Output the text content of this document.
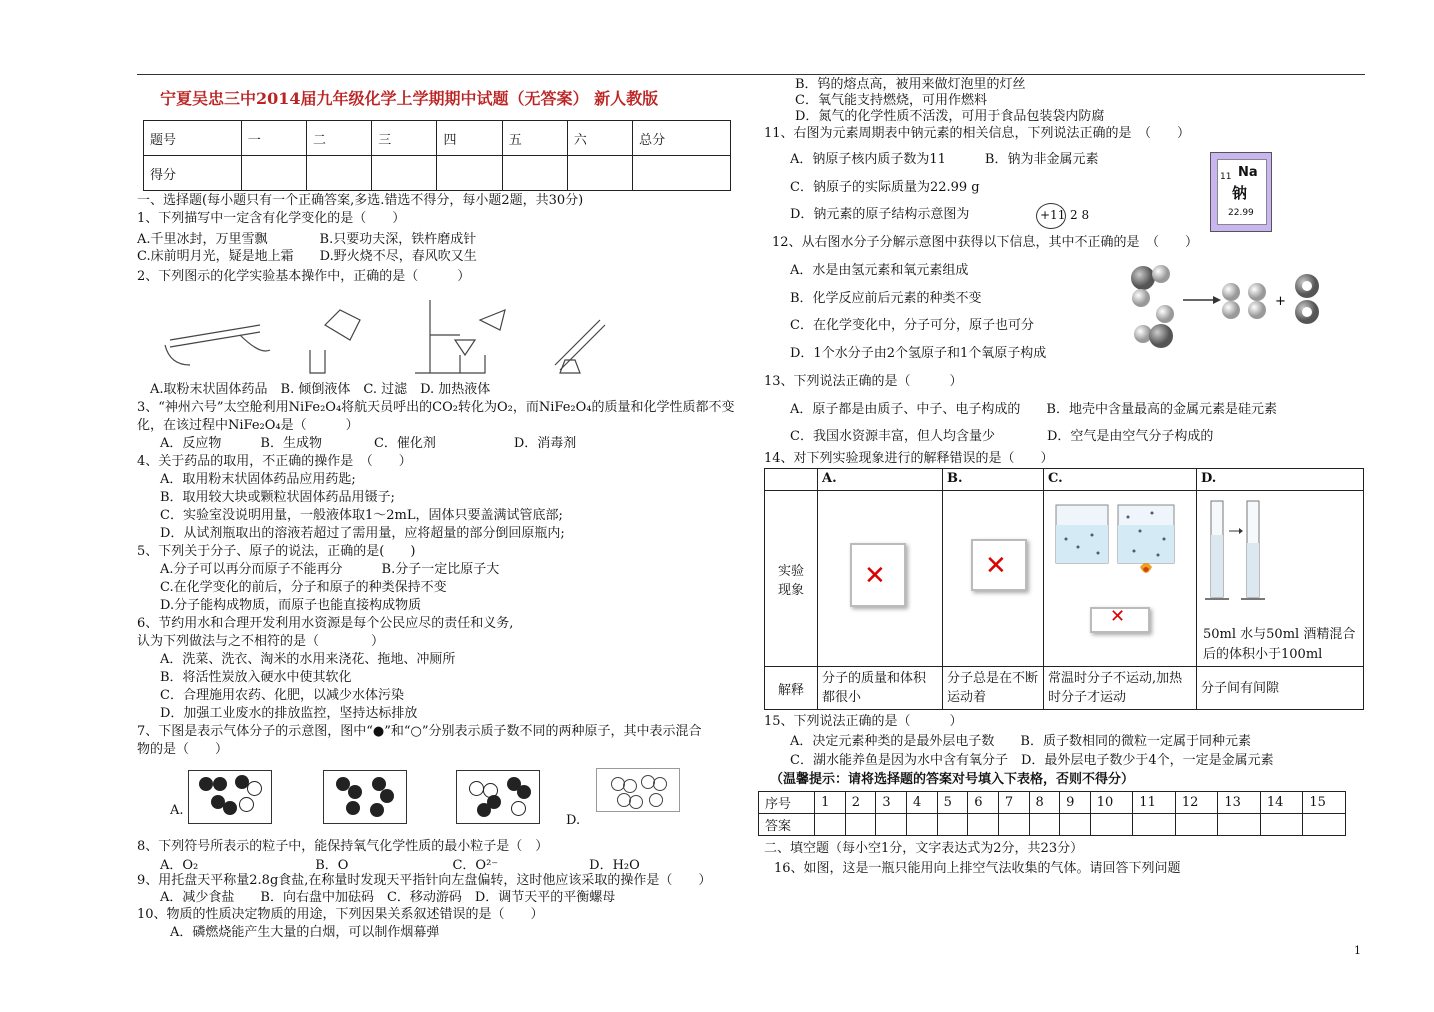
宁夏吴忠三中2014届九年级化学上学期期中试题（无答案） 新人教版
题号	一	二	三	四	五	六	总分
得分							
一、选择题(每小题只有一个正确答案,多选.错选不得分，每小题2题，共30分)
1、下列描写中一定含有化学变化的是（　　）
A.千里冰封，万里雪飘　　　　B.只要功夫深，铁杵磨成针
C.床前明月光，疑是地上霜　　D.野火烧不尽，春风吹又生
2、下列图示的化学实验基本操作中，正确的是（　　　）
A.取粉末状固体药品　B. 倾倒液体　C. 过滤　D. 加热液体
3、“神州六号”太空舱利用NiFe₂O₄将航天员呼出的CO₂转化为O₂，而NiFe₂O₄的质量和化学性质都不变
化，在该过程中NiFe₂O₄是（　　　）
A．反应物　　　B．生成物　　　　C．催化剂　　　　　　D．消毒剂
4、关于药品的取用，不正确的操作是　（　　）
A．取用粉末状固体药品应用药匙;
B．取用较大块或颗粒状固体药品用镊子;
C．实验室没说明用量，一般液体取1～2mL，固体只要盖满试管底部;
D．从试剂瓶取出的溶液若超过了需用量，应将超量的部分倒回原瓶内;
5、下列关于分子、原子的说法，正确的是(　　)
A.分子可以再分而原子不能再分　　　B.分子一定比原子大
C.在化学变化的前后，分子和原子的种类保持不变
D.分子能构成物质，而原子也能直接构成物质
6、节约用水和合理开发利用水资源是每个公民应尽的责任和义务,
认为下列做法与之不相符的是（　　　　）
A．洗菜、洗衣、淘米的水用来浇花、拖地、冲厕所
B．将活性炭放入硬水中使其软化
C．合理施用农药、化肥，以减少水体污染
D．加强工业废水的排放监控，坚持达标排放
7、下图是表示气体分子的示意图，图中“●”和“○”分别表示质子数不同的两种原子，其中表示混合
物的是（　　）
A.
D.
8、下列符号所表示的粒子中，能保持氧气化学性质的最小粒子是（　）
A．O₂　　　　　　　　　B．O　　　　　　　　C．O²⁻　　　　　　　D．H₂O
9、用托盘天平称量2.8g食盐,在称量时发现天平指针向左盘偏转，这时他应该采取的操作是（　　）
A．减少食盐　　B．向右盘中加砝码　C．移动游码　D．调节天平的平衡螺母
10、物质的性质决定物质的用途，下列因果关系叙述错误的是（　　）
A．磷燃烧能产生大量的白烟，可以制作烟幕弹
B．钨的熔点高，被用来做灯泡里的灯丝
C．氧气能支持燃烧，可用作燃料
D．氮气的化学性质不活泼，可用于食品包装袋内防腐
11、右图为元素周期表中钠元素的相关信息，下列说法正确的是　（　　）
A．钠原子核内质子数为11　　　B．钠为非金属元素
C．钠原子的实际质量为22.99 g
D．钠元素的原子结构示意图为	+11 2 8
11 Na
钠
22.99
12、从右图水分子分解示意图中获得以下信息，其中不正确的是　（　　）
A．水是由氢元素和氧元素组成
B．化学反应前后元素的种类不变
C．在化学变化中，分子可分，原子也可分
D．1个水分子由2个氢原子和1个氧原子构成
+
13、下列说法正确的是（　　　）
A．原子都是由质子、中子、电子构成的　　B．地壳中含量最高的金属元素是硅元素
C．我国水资源丰富，但人均含量少　　　　D．空气是由空气分子构成的
14、对下列实验现象进行的解释错误的是（　　）
	A.	B.	C.	D.
实验
现象	✕	✕	✕	50ml 水与50ml 酒精混合后的体积小于100ml

解释	分子的质量和体积都很小	分子总是在不断运动着	常温时分子不运动,加热时分子才运动	分子间有间隙
15、下列说法正确的是（　　　）
A．决定元素种类的是最外层电子数　　B．质子数相同的微粒一定属于同种元素
C．湖水能养鱼是因为水中含有氧分子　D．最外层电子数少于4个，一定是金属元素
（温馨提示：请将选择题的答案对号填入下表格，否则不得分）
序号	1	2	3	4	5	6	7	8	9	10	11	12	13	14	15
答案															
二、填空题（每小空1分，文字表达式为2分，共23分）
16、如图，这是一瓶只能用向上排空气法收集的气体。请回答下列问题
1
